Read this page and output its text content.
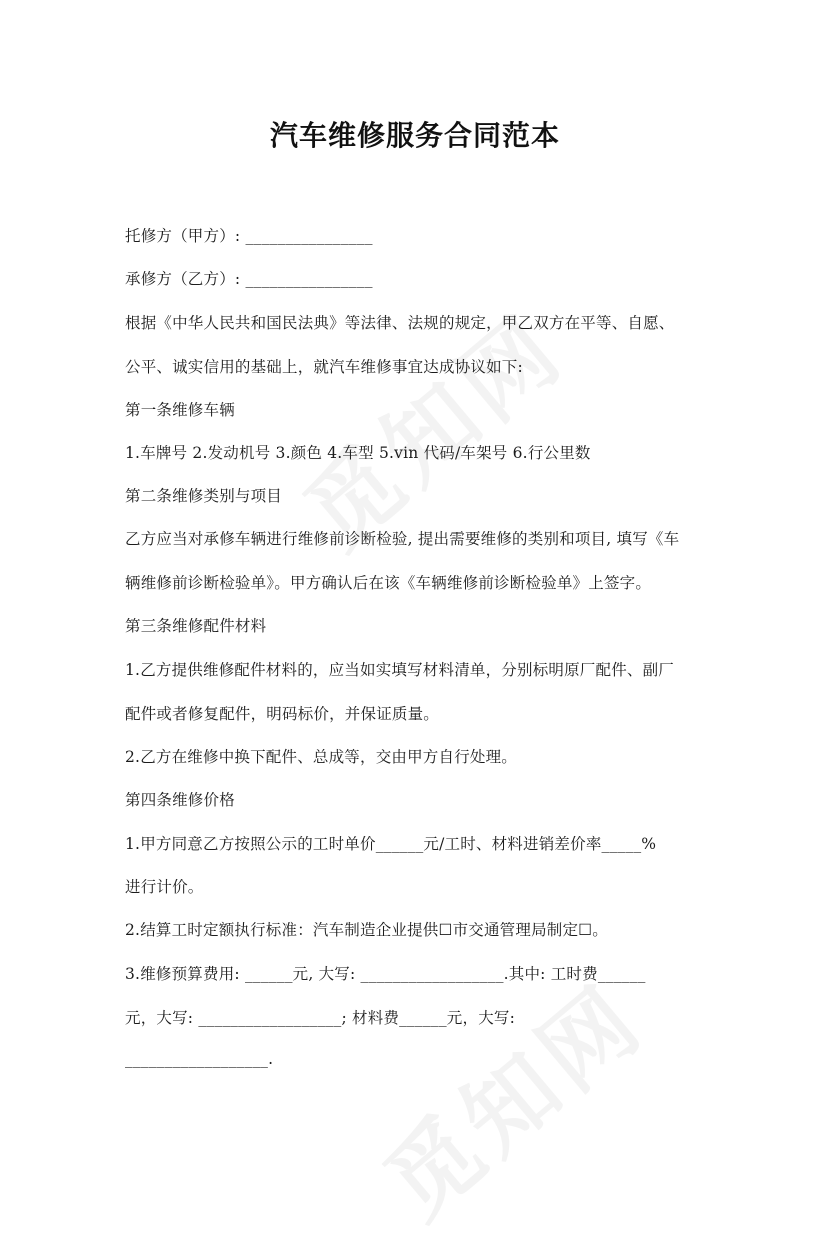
汽车维修服务合同范本
托修方（甲方）: ________________
承修方（乙方）: ________________
根据《中华人民共和国民法典》等法律、法规的规定，甲乙双方在平等、自愿、
公平、诚实信用的基础上，就汽车维修事宜达成协议如下:
第一条维修车辆
1.车牌号 2.发动机号 3.颜色 4.车型 5.vin 代码/车架号 6.行公里数
第二条维修类别与项目
乙方应当对承修车辆进行维修前诊断检验, 提出需要维修的类别和项目, 填写《车
辆维修前诊断检验单》。甲方确认后在该《车辆维修前诊断检验单》上签字。
第三条维修配件材料
1.乙方提供维修配件材料的，应当如实填写材料清单，分别标明原厂配件、副厂
配件或者修复配件，明码标价，并保证质量。
2.乙方在维修中换下配件、总成等，交由甲方自行处理。
第四条维修价格
1.甲方同意乙方按照公示的工时单价______元/工时、材料进销差价率_____%
进行计价。
2.结算工时定额执行标准：汽车制造企业提供☐市交通管理局制定☐。
3.维修预算费用: ______元, 大写: __________________.其中: 工时费______
元，大写: __________________; 材料费______元，大写:
__________________.
